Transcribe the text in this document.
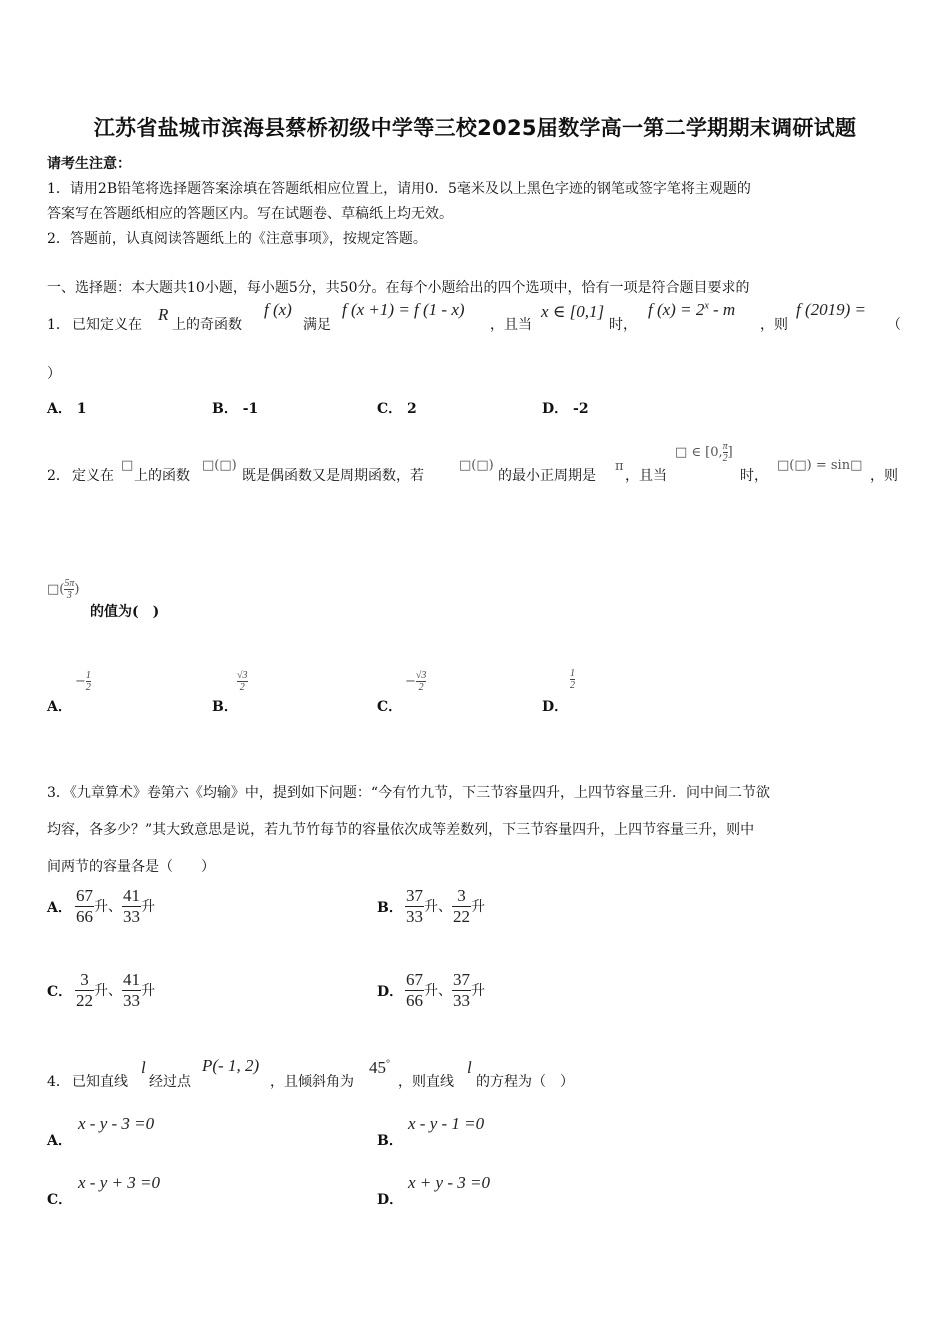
江苏省盐城市滨海县蔡桥初级中学等三校2025届数学高一第二学期期末调研试题
请考生注意：
1．请用2B铅笔将选择题答案涂填在答题纸相应位置上，请用0．5毫米及以上黑色字迹的钢笔或签字笔将主观题的
答案写在答题纸相应的答题区内。写在试题卷、草稿纸上均无效。
2．答题前，认真阅读答题纸上的《注意事项》，按规定答题。
一、选择题：本大题共10小题，每小题5分，共50分。在每个小题给出的四个选项中，恰有一项是符合题目要求的
1． 已知定义在
R
上的奇函数
f (x)
满足
f (x +1) = f (1 - x)
，且当
x ∈ [0,1]
时，
f $(x) = 2^x - m$
，则
f (2019) =
（
）
A． 1	B． -1	C． 2	D． -2
2． 定义在
□
上的函数
□(□)
既是偶函数又是周期函数，若
□(□)
的最小正周期是
π
，且当
□ ∈ [0, $\frac{\pi}{2}$ ]
时，
□(□) = sin□
，则
□( $\frac{5\pi}{3}$ )
的值为(　)
A．
− $\frac{1}{2}$
B．
$\frac{√3}{2}$
C．
− $\frac{√3}{2}$
D．
$\frac{1}{2}$
3．《九章算术》卷第六《均输》中，提到如下问题：“今有竹九节，下三节容量四升，上四节容量三升．问中间二节欲
均容，各多少？”其大致意思是说，若九节竹每节的容量依次成等差数列，下三节容量四升，上四节容量三升，则中
间两节的容量各是（　　）
A． $\frac{67}{66}$ 升、 $\frac{41}{33}$ 升	B． $\frac{37}{33}$ 升、 $\frac{3}{22}$ 升
C． $\frac{3}{22}$ 升、 $\frac{41}{33}$ 升	D． $\frac{67}{66}$ 升、 $\frac{37}{33}$ 升
4． 已知直线
l
经过点
P(- 1, 2)
，且倾斜角为
45°
，则直线
l
的方程为（　）
A．
x - y - 3 =0
B．
x - y - 1 =0
C．
x - y + 3 =0
D．
x + y - 3 =0
